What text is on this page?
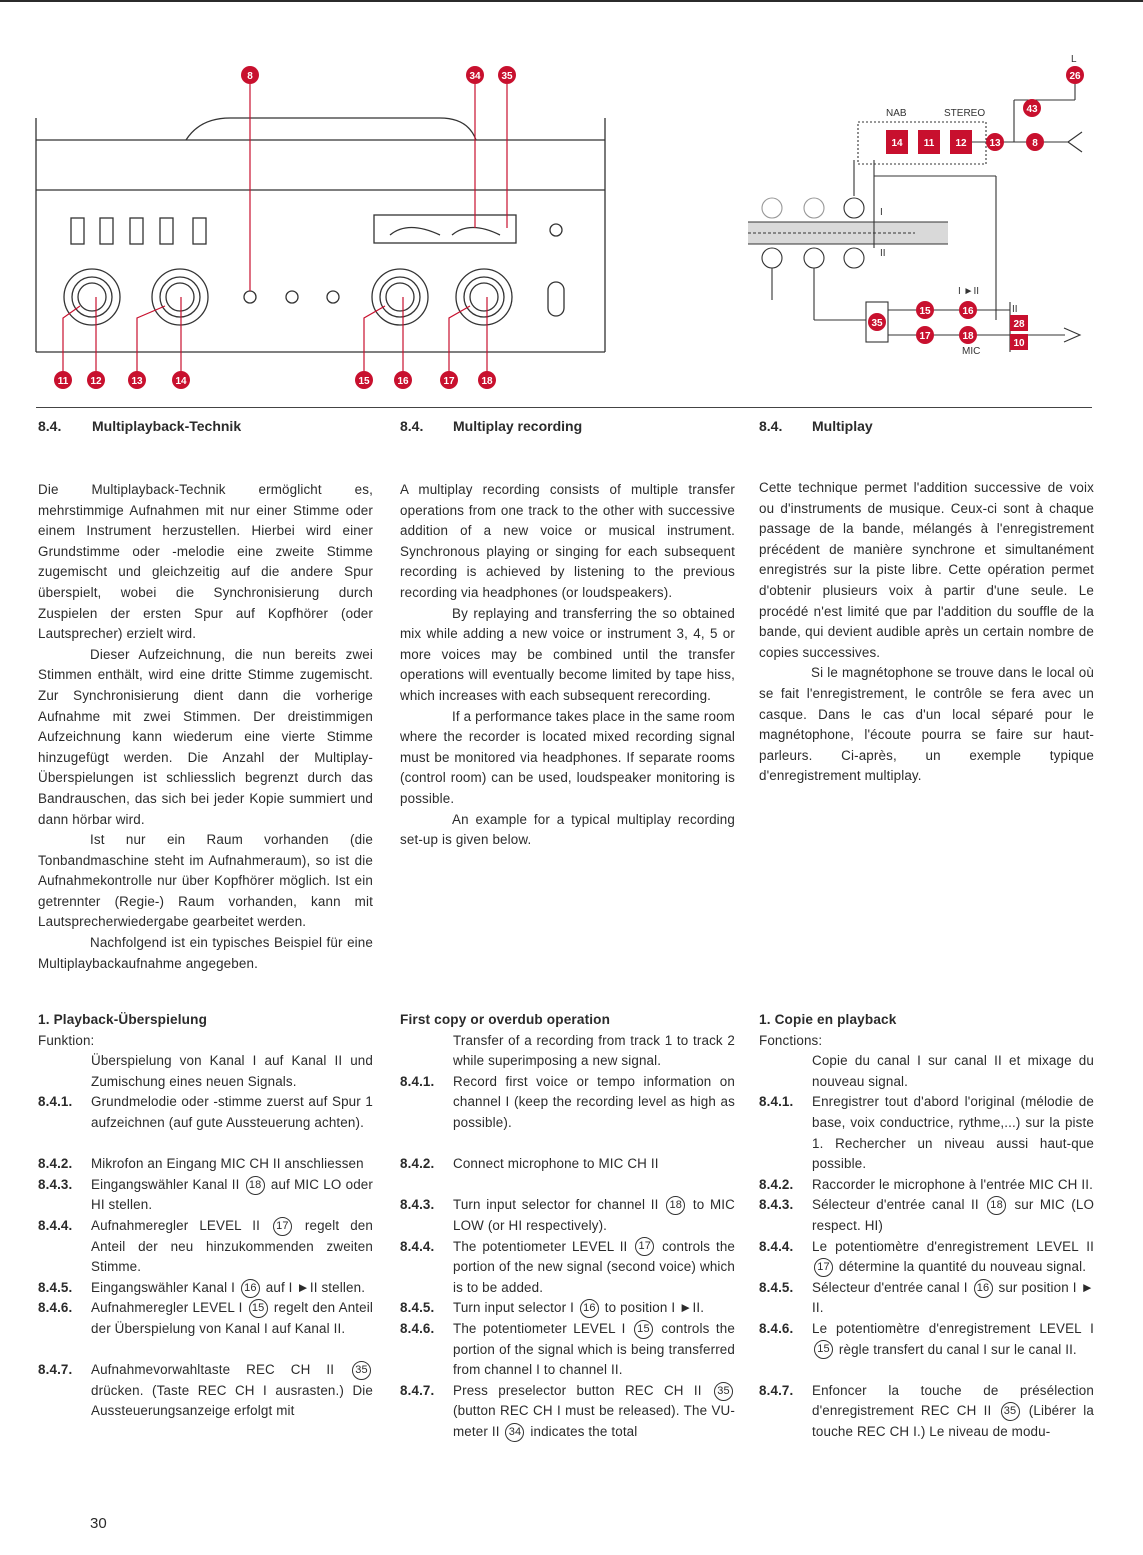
8	34 35
11 12	13	14	15	16	17	18
26
43
14 11 12 13	8
15	16
35
17	18
28
10
NAB	STEREO
L
MIC
I
II
I ►II
II
8.4. Multiplayback-Technik	8.4. Multiplay recording	8.4. Multiplay

Die Multiplayback-Technik ermöglicht es, mehrstimmige Aufnahmen mit nur einer Stimme oder einem Instrument herzustellen. Hierbei wird einer Grundstimme oder -melodie eine zweite Stimme zugemischt und gleichzeitig auf die andere Spur überspielt, wobei die Synchronisierung durch Zuspielen der ersten Spur auf Kopfhörer (oder Lautsprecher) erzielt wird.

Dieser Aufzeichnung, die nun bereits zwei Stimmen enthält, wird eine dritte Stimme zugemischt. Zur Synchronisierung dient dann die vorherige Aufnahme mit zwei Stimmen. Der dreistimmigen Aufzeichnung kann wiederum eine vierte Stimme hinzugefügt werden. Die Anzahl der Multiplay-Überspielungen ist schliesslich begrenzt durch das Bandrauschen, das sich bei jeder Kopie summiert und dann hörbar wird.

Ist nur ein Raum vorhanden (die Tonbandmaschine steht im Aufnahmeraum), so ist die Aufnahmekontrolle nur über Kopfhörer möglich. Ist ein getrennter (Regie-) Raum vorhanden, kann mit Lautsprecherwiedergabe gearbeitet werden.

Nachfolgend ist ein typisches Beispiel für eine Multiplaybackaufnahme angegeben.

A multiplay recording consists of multiple transfer operations from one track to the other with successive addition of a new voice or musical instrument. Synchronous playing or singing for each subsequent recording is achieved by listening to the previous recording via headphones (or loudspeakers).

By replaying and transferring the so obtained mix while adding a new voice or instrument 3, 4, 5 or more voices may be combined until the transfer operations will eventually become limited by tape hiss, which increases with each subsequent rerecording.

If a performance takes place in the same room where the recorder is located mixed recording signal must be monitored via headphones. If separate rooms (control room) can be used, loudspeaker monitoring is possible.

An example for a typical multiplay recording set-up is given below.

Cette technique permet l'addition successive de voix ou d'instruments de musique. Ceux-ci sont à chaque passage de la bande, mélangés à l'enregistrement précédent de manière synchrone et simultanément enregistrés sur la piste libre. Cette opération permet d'obtenir plusieurs voix à partir d'une seule. Le procédé n'est limité que par l'addition du souffle de la bande, qui devient audible après un certain nombre de copies successives.

Si le magnétophone se trouve dans le local où se fait l'enregistrement, le contrôle se fera avec un casque. Dans le cas d'un local séparé pour le magnétophone, l'écoute pourra se faire sur haut-parleurs. Ci-après, un exemple typique d'enregistrement multiplay.

1. Playback-Überspielung

Funktion:

Überspielung von Kanal I auf Kanal II und Zumischung eines neuen Signals.

8.4.1.	Grundmelodie oder -stimme zuerst auf Spur 1 aufzeichnen (auf gute Aussteuerung achten).
8.4.2.	Mikrofon an Eingang MIC CH II anschliessen
8.4.3.	Eingangswähler Kanal II 18 auf MIC LO oder HI stellen.
8.4.4.	Aufnahmeregler LEVEL II 17 regelt den Anteil der neu hinzukommenden zweiten Stimme.
8.4.5.	Eingangswähler Kanal I 16 auf I ►II stellen.
8.4.6.	Aufnahmeregler LEVEL I 15 regelt den Anteil der Überspielung von Kanal I auf Kanal II.
8.4.7.	Aufnahmevorwahltaste REC CH II 35 drücken. (Taste REC CH I ausrasten.) Die Aussteuerungsanzeige erfolgt mit

First copy or overdub operation

Transfer of a recording from track 1 to track 2 while superimposing a new signal.

8.4.1.	Record first voice or tempo information on channel I (keep the recording level as high as possible).
8.4.2.	Connect microphone to MIC CH II
8.4.3.	Turn input selector for channel II 18 to MIC LOW (or HI respectively).
8.4.4.	The potentiometer LEVEL II 17 controls the portion of the new signal (second voice) which is to be added.
8.4.5.	Turn input selector I 16 to position I ►II.
8.4.6.	The potentiometer LEVEL I 15 controls the portion of the signal which is being transferred from channel I to channel II.
8.4.7.	Press preselector button REC CH II 35 (button REC CH I must be released). The VU-meter II 34 indicates the total

1. Copie en playback

Fonctions:

Copie du canal I sur canal II et mixage du nouveau signal.

8.4.1.	Enregistrer tout d'abord l'original (mélodie de base, voix conductrice, rythme,...) sur la piste 1. Rechercher un niveau aussi haut-que possible.
8.4.2.	Raccorder le microphone à l'entrée MIC CH II.
8.4.3.	Sélecteur d'entrée canal II 18 sur MIC (LO respect. HI)
8.4.4.	Le potentiomètre d'enregistrement LEVEL II 17 détermine la quantité du nouveau signal.
8.4.5.	Sélecteur d'entrée canal I 16 sur position I ► II.
8.4.6.	Le potentiomètre d'enregistrement LEVEL I 15 règle transfert du canal I sur le canal II.
8.4.7.	Enfoncer la touche de présélection d'enregistrement REC CH II 35 (Libérer la touche REC CH I.) Le niveau de modu-
30
